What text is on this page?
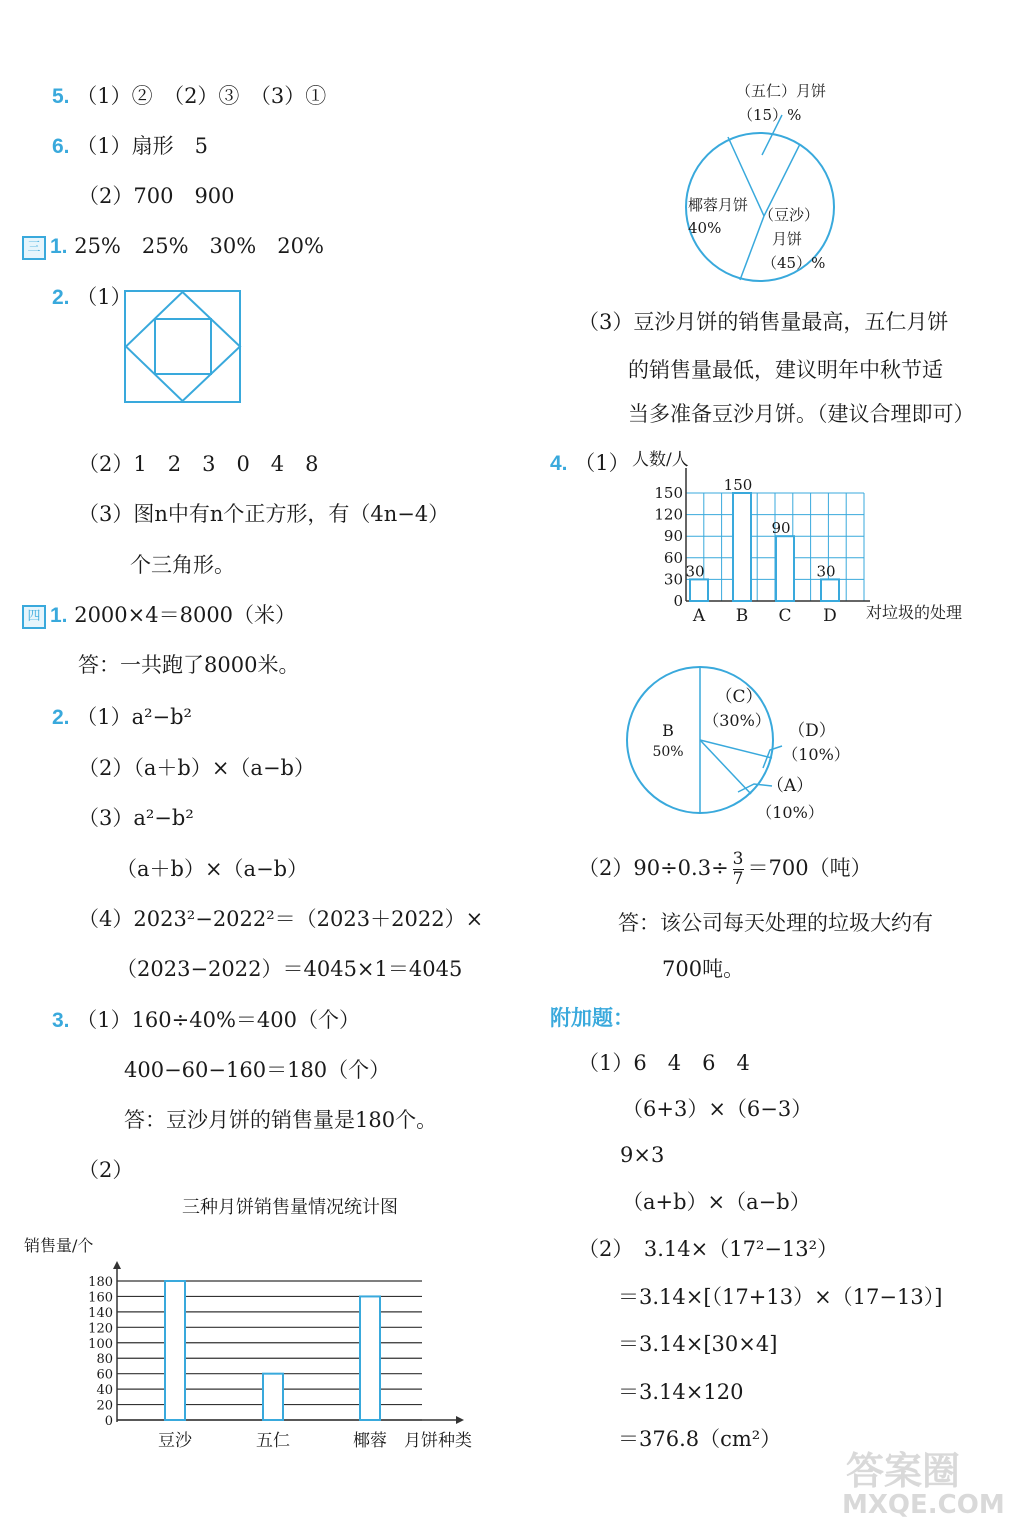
5. （1）②　（2）③　（3）①
6. （1）扇形　5
（2）700　900
三 1. 25%　25%　30%　20%
2. （1）
（2）1　2　3　0　4　8
（3）图n中有n个正方形，有（4n−4）
个三角形。
四 1. 2000×4＝8000（米）
答：一共跑了8000米。
2. （1）a²−b²
（2）（a＋b）×（a−b）
（3）a²−b²
（a＋b）×（a−b）
（4）2023²−2022²＝（2023＋2022）×
（2023−2022）＝4045×1＝4045
3. （1）160÷40%＝400（个）
400−60−160＝180（个）
答：豆沙月饼的销售量是180个。
（2）
三种月饼销售量情况统计图
销售量/个
0
20
40
60
80
100
120
140
160
180
豆沙	五仁	椰蓉 月饼种类
（五仁）月饼
（15）%
椰蓉月饼
40%
（豆沙）
月饼
（45）%
（3）豆沙月饼的销售量最高，五仁月饼
的销售量最低，建议明年中秋节适
当多准备豆沙月饼。（建议合理即可）
4. （1） 人数/人
0
30
60
90
120
150
30
A
150
B
90
C
30
D 对垃圾的处理
B
50%
（C）
（30%）
（D）
（10%）
（A）
（10%）
$(2)90\div 0.3\div \frac{3}{7} =700$（吨）
答：该公司每天处理的垃圾大约有
700吨。
附加题：
（1）6　4　6　4
（6+3）×（6−3）
9×3
（a+b）×（a−b）
（2）　3.14×（17²−13²）
＝3.14×[（17+13）×（17−13）]
＝3.14×[30×4]
＝3.14×120
＝376.8（cm²）
答案圈
MXQE.COM
